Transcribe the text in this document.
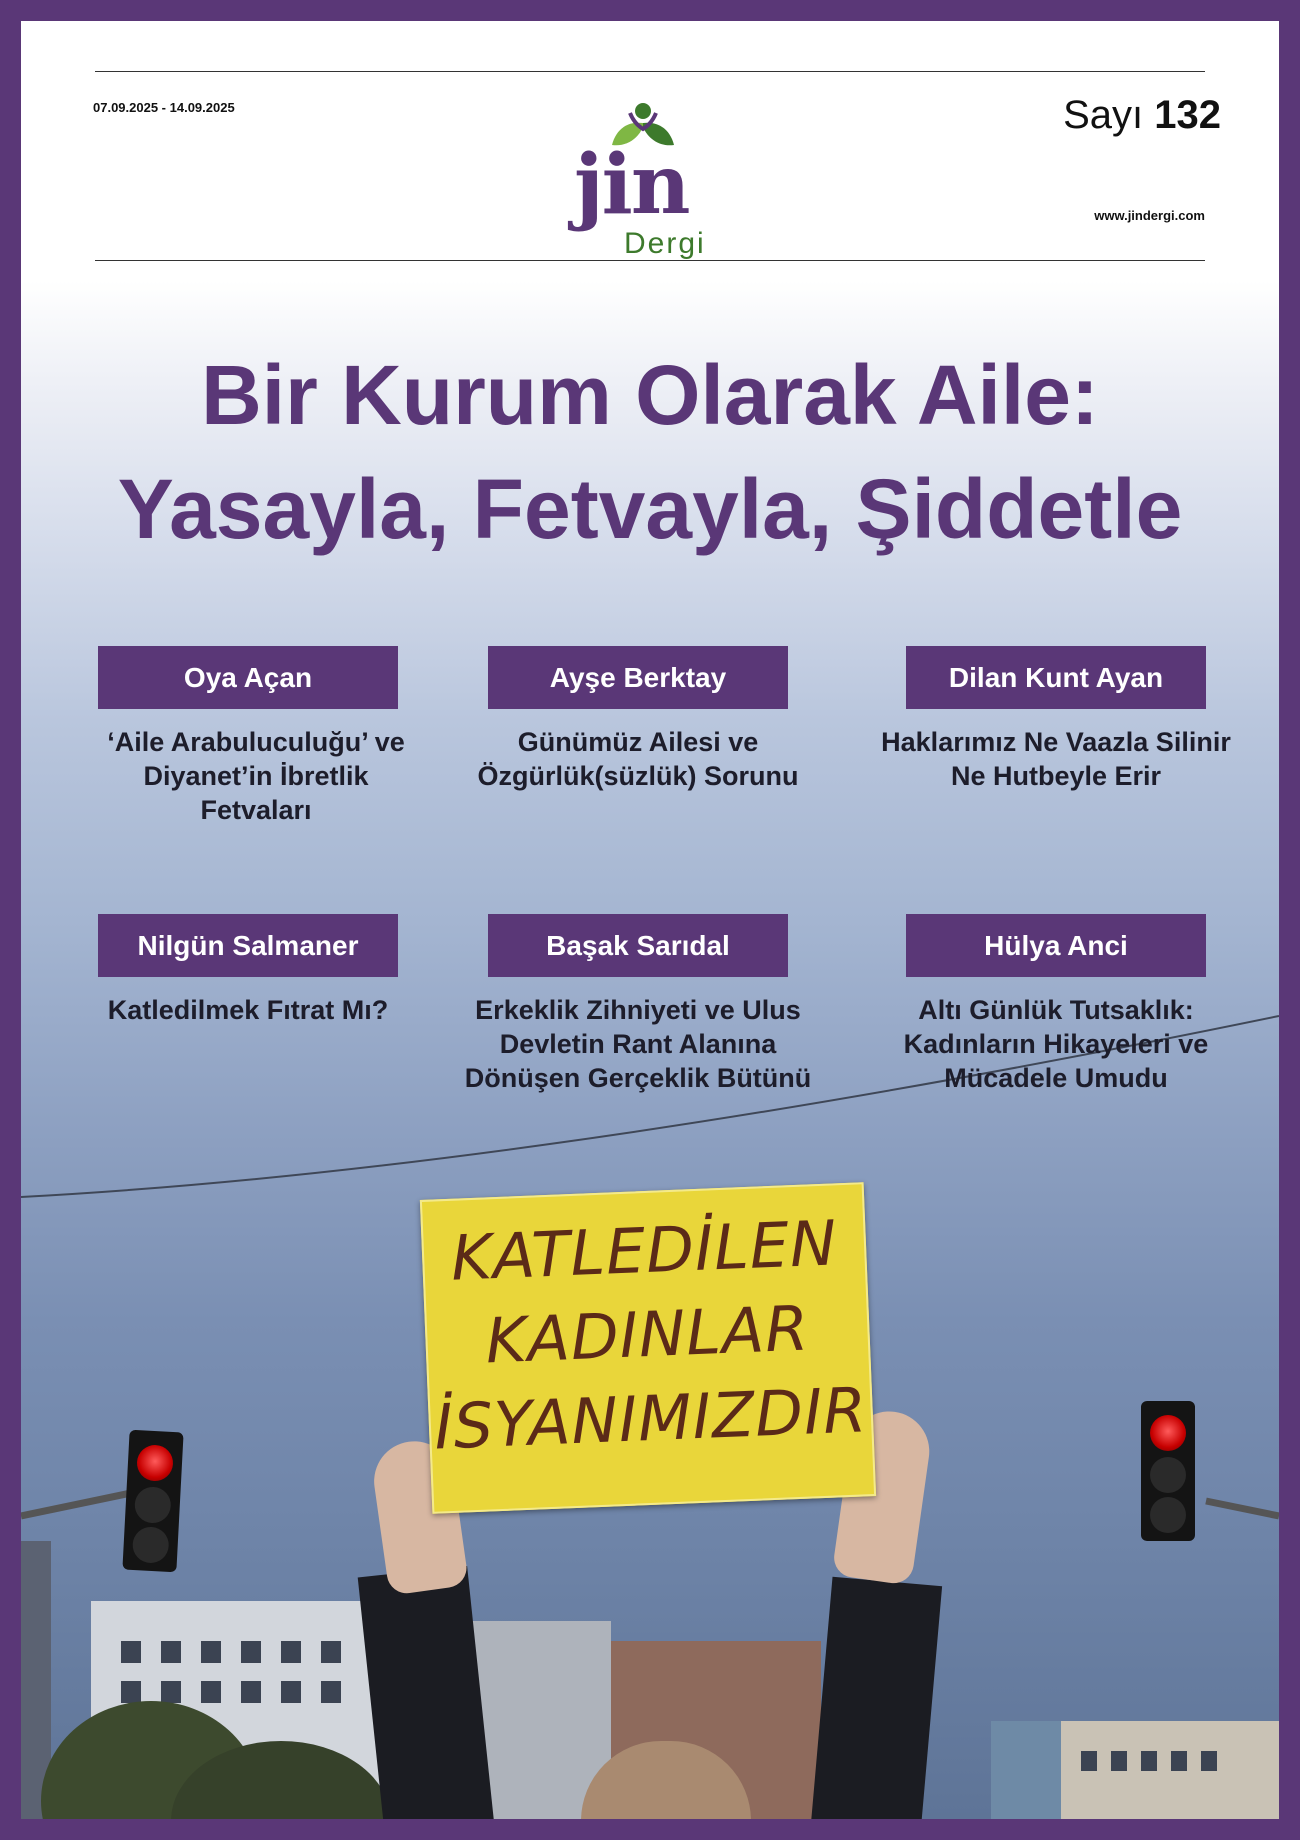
07.09.2025 - 14.09.2025	Sayı 132
www.jindergi.com
jin
Dergi
Bir Kurum Olarak Aile:
Yasayla, Fetvayla, Şiddetle
KATLEDİLEN
KADINLAR
İSYANIMIZDIR
Oya Açan
‘Aile Arabuluculuğu’ ve
Diyanet’in İbretlik
Fetvaları
Ayşe Berktay
Günümüz Ailesi ve
Özgürlük(süzlük) Sorunu
Dilan Kunt Ayan
Haklarımız Ne Vaazla Silinir
Ne Hutbeyle Erir
Nilgün Salmaner
Katledilmek Fıtrat Mı?
Başak Sarıdal
Erkeklik Zihniyeti ve Ulus
Devletin Rant Alanına
Dönüşen Gerçeklik Bütünü
Hülya Anci
Altı Günlük Tutsaklık:
Kadınların Hikayeleri ve
Mücadele Umudu
